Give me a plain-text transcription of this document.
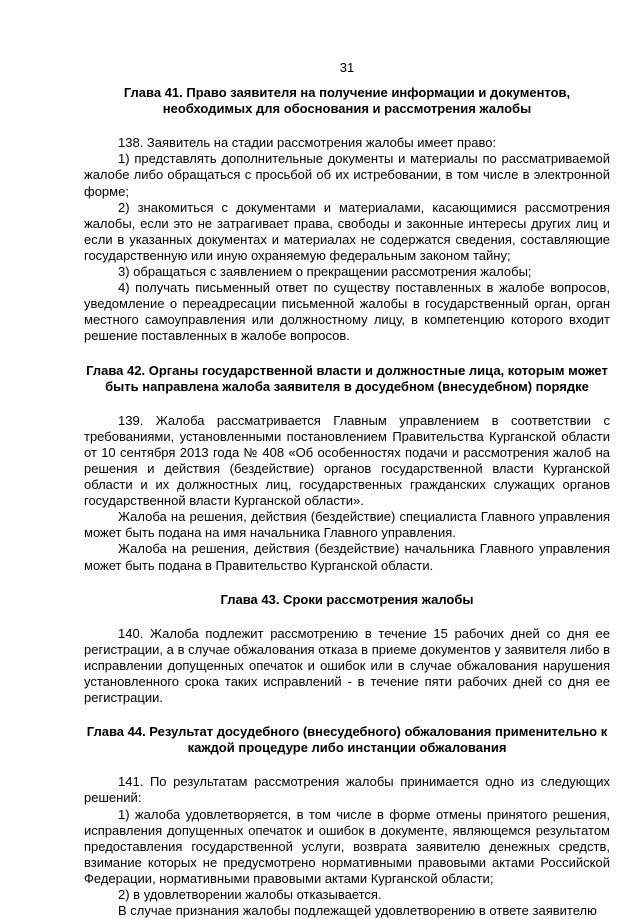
31
Глава 41. Право заявителя на получение информации и документов,
необходимых для обоснования и рассмотрения жалобы

138. Заявитель на стадии рассмотрения жалобы имеет право:

1) представлять дополнительные документы и материалы по рассматриваемой жалобе либо обращаться с просьбой об их истребовании, в том числе в электронной форме;

2) знакомиться с документами и материалами, касающимися рассмотрения жалобы, если это не затрагивает права, свободы и законные интересы других лиц и если в указанных документах и материалах не содержатся сведения, составляющие государственную или иную охраняемую федеральным законом тайну;

3) обращаться с заявлением о прекращении рассмотрения жалобы;

4) получать письменный ответ по существу поставленных в жалобе вопросов, уведомление о переадресации письменной жалобы в государственный орган, орган местного самоуправления или должностному лицу, в компетенцию которого входит решение поставленных в жалобе вопросов.

Глава 42. Органы государственной власти и должностные лица, которым может
быть направлена жалоба заявителя в досудебном (внесудебном) порядке

139. Жалоба рассматривается Главным управлением в соответствии с требованиями, установленными постановлением Правительства Курганской области от 10 сентября 2013 года № 408 «Об особенностях подачи и рассмотрения жалоб на решения и действия (бездействие) органов государственной власти Курганской области и их должностных лиц, государственных гражданских служащих органов государственной власти Курганской области».

Жалоба на решения, действия (бездействие) специалиста Главного управления может быть подана на имя начальника Главного управления.

Жалоба на решения, действия (бездействие) начальника Главного управления может быть подана в Правительство Курганской области.

Глава 43. Сроки рассмотрения жалобы

140. Жалоба подлежит рассмотрению в течение 15 рабочих дней со дня ее регистрации, а в случае обжалования отказа в приеме документов у заявителя либо в исправлении допущенных опечаток и ошибок или в случае обжалования нарушения установленного срока таких исправлений - в течение пяти рабочих дней со дня ее регистрации.

Глава 44. Результат досудебного (внесудебного) обжалования применительно к
каждой процедуре либо инстанции обжалования

141. По результатам рассмотрения жалобы принимается одно из следующих решений:

1) жалоба удовлетворяется, в том числе в форме отмены принятого решения, исправления допущенных опечаток и ошибок в документе, являющемся результатом предоставления государственной услуги, возврата заявителю денежных средств, взимание которых не предусмотрено нормативными правовыми актами Российской Федерации, нормативными правовыми актами Курганской области;

2) в удовлетворении жалобы отказывается.

В случае признания жалобы подлежащей удовлетворению в ответе заявителю
